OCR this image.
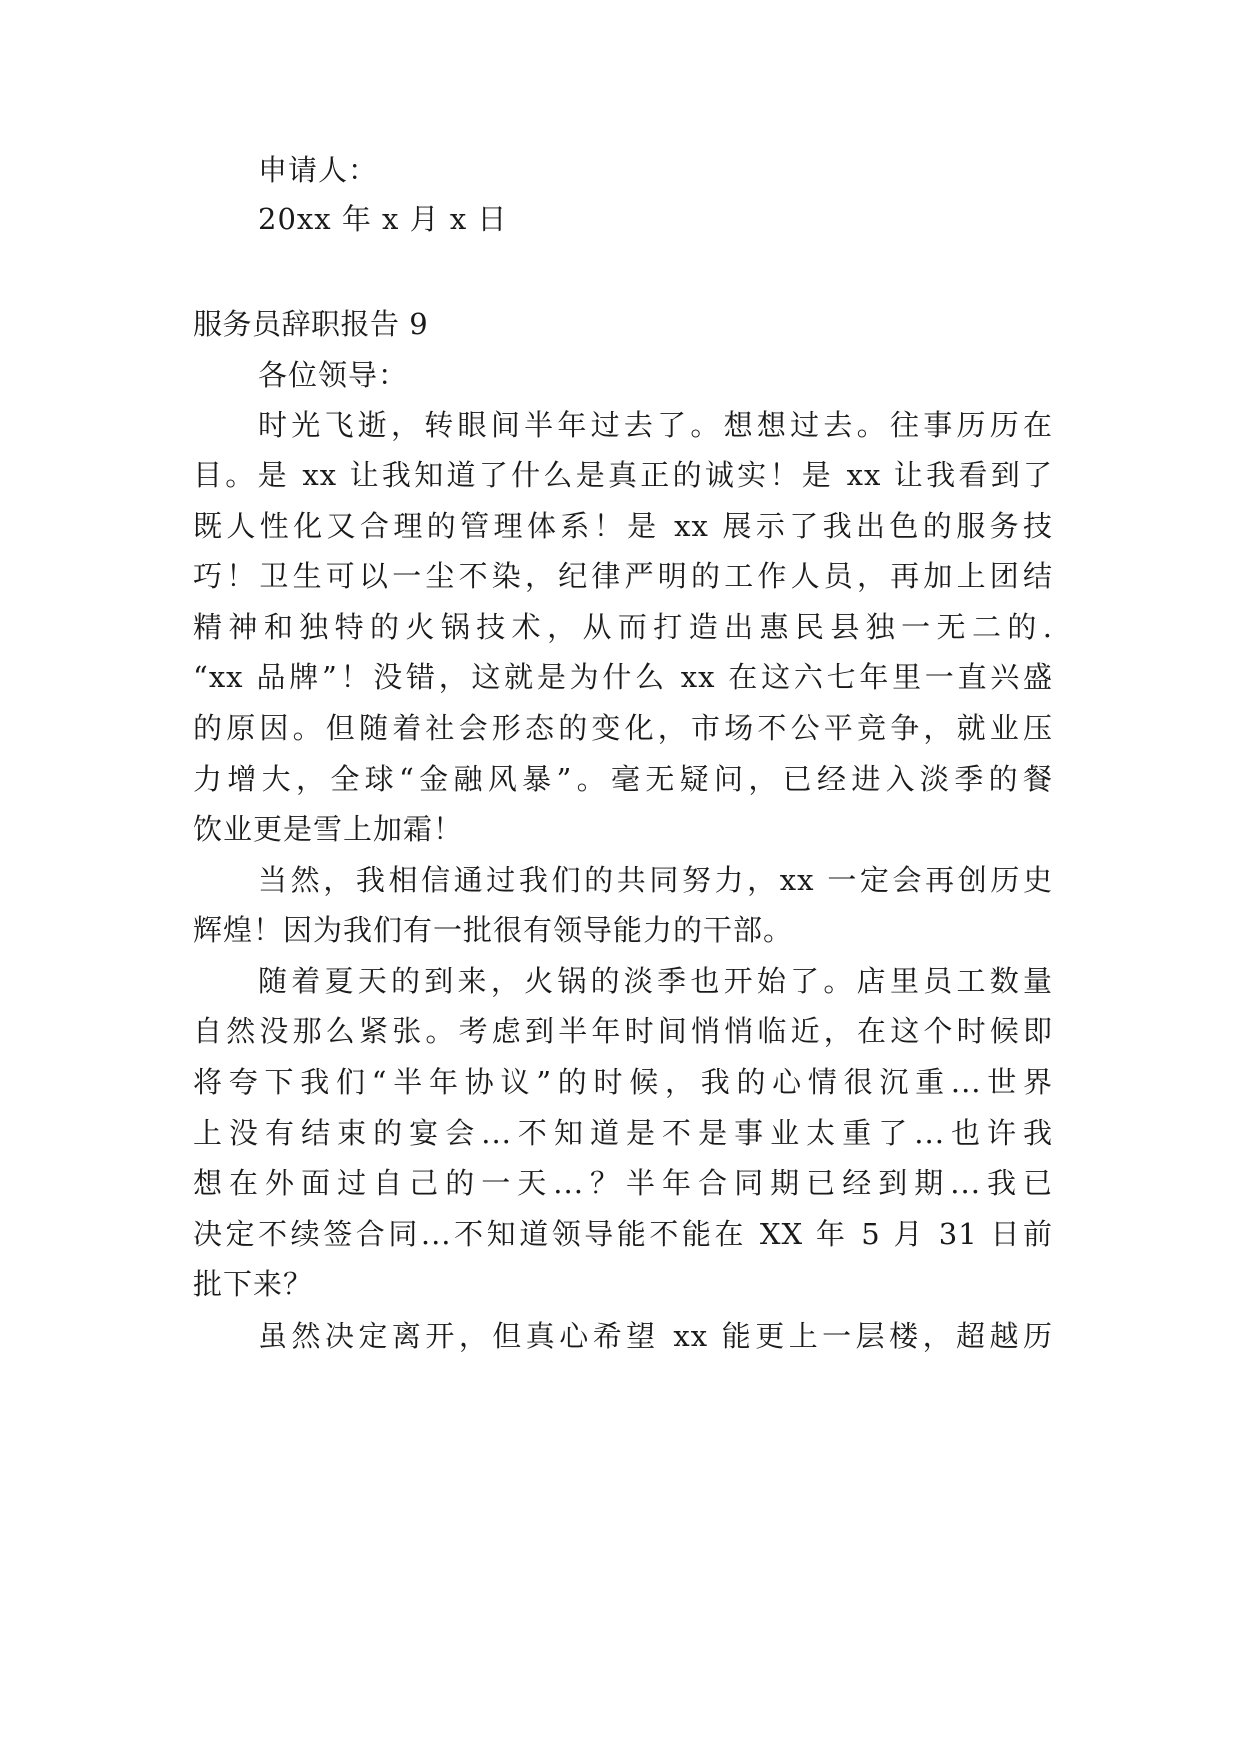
申请人：
20xx 年 x 月 x 日
服务员辞职报告 9
各位领导：
时光飞逝，转眼间半年过去了。想想过去。往事历历在
目。是 xx 让我知道了什么是真正的诚实！是 xx 让我看到了
既人性化又合理的管理体系！是 xx 展示了我出色的服务技
巧！卫生可以一尘不染，纪律严明的工作人员，再加上团结
精神和独特的火锅技术，从而打造出惠民县独一无二的.
“xx 品牌”！没错，这就是为什么 xx 在这六七年里一直兴盛
的原因。但随着社会形态的变化，市场不公平竞争，就业压
力增大，全球“金融风暴”。毫无疑问，已经进入淡季的餐
饮业更是雪上加霜！
当然，我相信通过我们的共同努力，xx 一定会再创历史
辉煌！因为我们有一批很有领导能力的干部。
随着夏天的到来，火锅的淡季也开始了。店里员工数量
自然没那么紧张。考虑到半年时间悄悄临近，在这个时候即
将夸下我们“半年协议”的时候，我的心情很沉重...世界
上没有结束的宴会...不知道是不是事业太重了...也许我
想在外面过自己的一天...？半年合同期已经到期...我已
决定不续签合同...不知道领导能不能在 XX 年 5 月 31 日前
批下来？
虽然决定离开，但真心希望 xx 能更上一层楼，超越历
